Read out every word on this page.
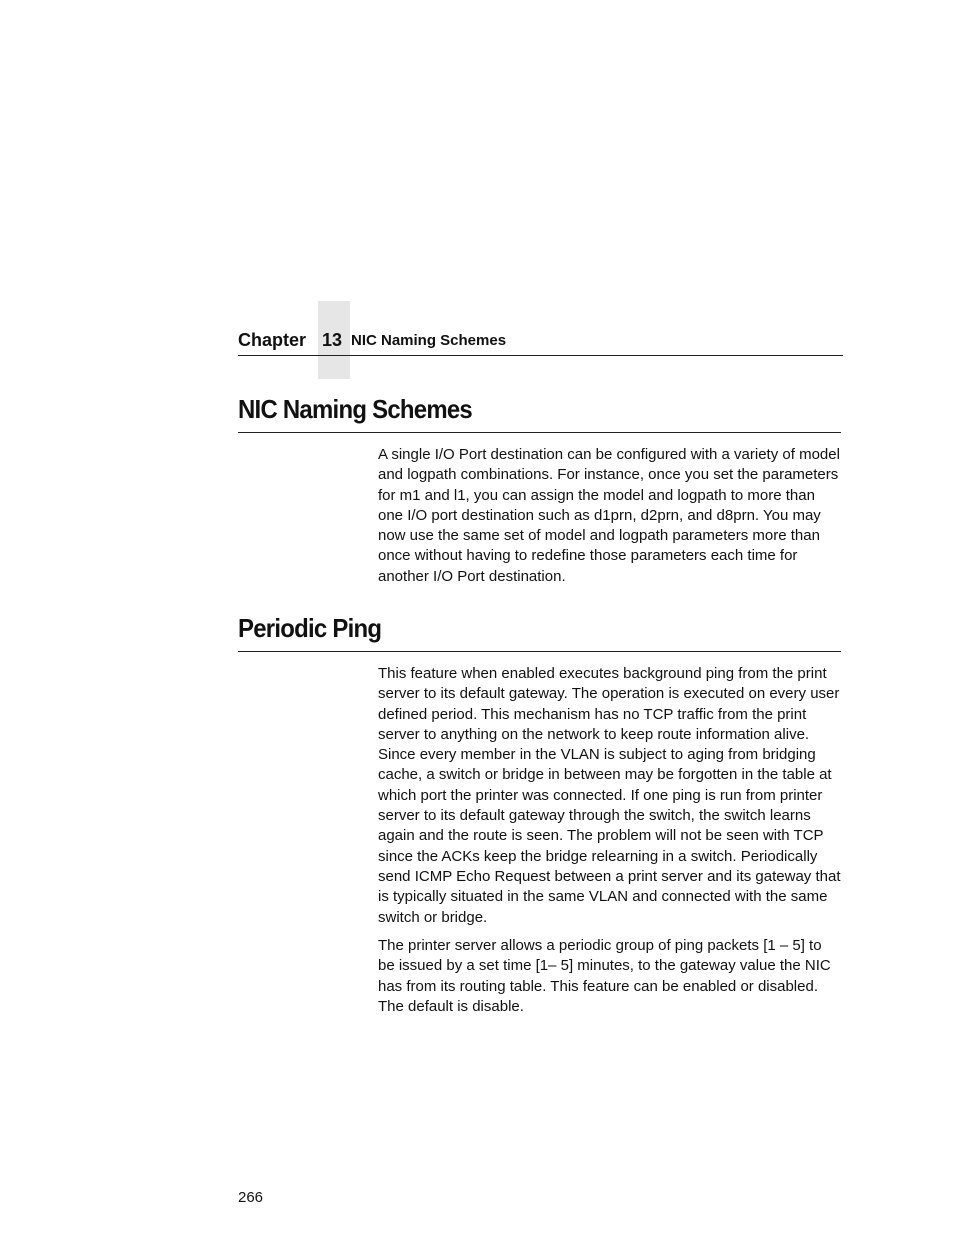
Chapter 13 NIC Naming Schemes
NIC Naming Schemes

A single I/O Port destination can be configured with a variety of model and logpath combinations. For instance, once you set the parameters for m1 and l1, you can assign the model and logpath to more than one I/O port destination such as d1prn, d2prn, and d8prn. You may now use the same set of model and logpath parameters more than once without having to redefine those parameters each time for another I/O Port destination.

Periodic Ping

This feature when enabled executes background ping from the print server to its default gateway. The operation is executed on every user defined period. This mechanism has no TCP traffic from the print server to anything on the network to keep route information alive. Since every member in the VLAN is subject to aging from bridging cache, a switch or bridge in between may be forgotten in the table at which port the printer was connected. If one ping is run from printer server to its default gateway through the switch, the switch learns again and the route is seen. The problem will not be seen with TCP since the ACKs keep the bridge relearning in a switch. Periodically send ICMP Echo Request between a print server and its gateway that is typically situated in the same VLAN and connected with the same switch or bridge.

The printer server allows a periodic group of ping packets [1 – 5] to be issued by a set time [1– 5] minutes, to the gateway value the NIC has from its routing table. This feature can be enabled or disabled. The default is disable.

266
